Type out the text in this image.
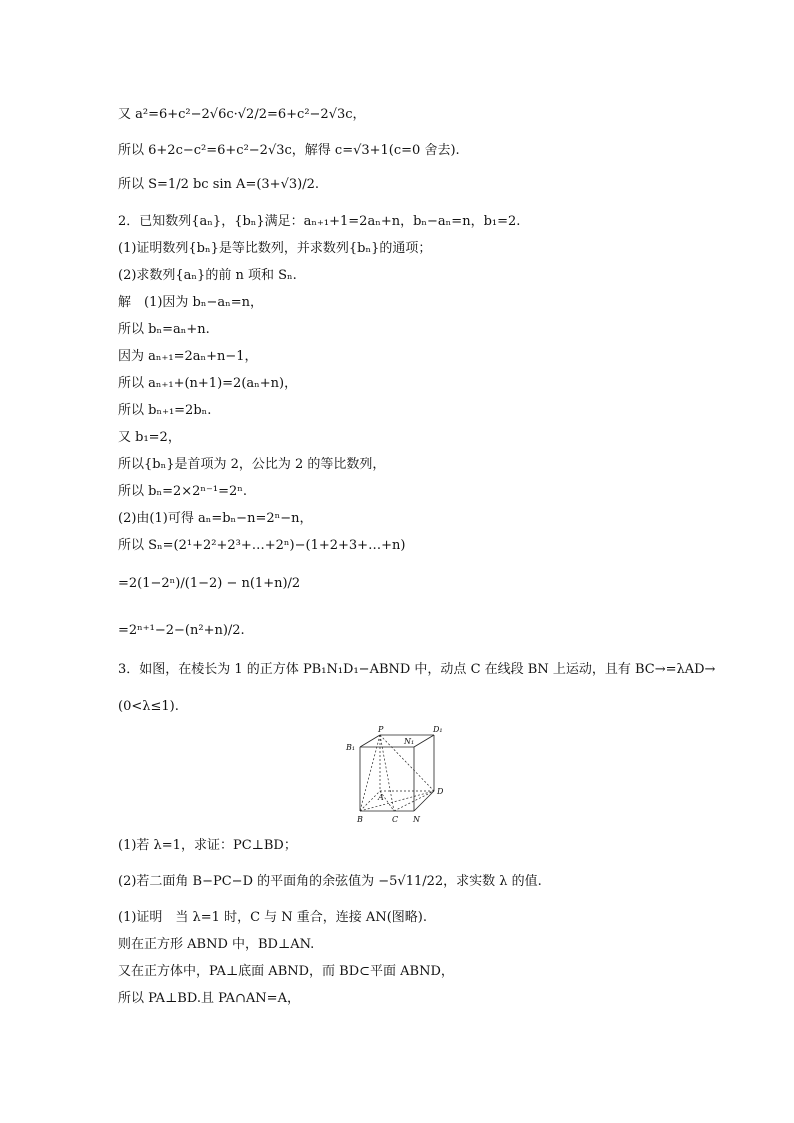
又 a²=6+c²−2√6c·√2/2=6+c²−2√3c，
所以 6+2c−c²=6+c²−2√3c，解得 c=√3+1(c=0 舍去).
所以 S=1/2 bc sin A=(3+√3)/2.
2．已知数列{aₙ}，{bₙ}满足：aₙ₊₁+1=2aₙ+n，bₙ−aₙ=n，b₁=2.
(1)证明数列{bₙ}是等比数列，并求数列{bₙ}的通项；
(2)求数列{aₙ}的前 n 项和 Sₙ.
解　(1)因为 bₙ−aₙ=n，
所以 bₙ=aₙ+n.
因为 aₙ₊₁=2aₙ+n−1，
所以 aₙ₊₁+(n+1)=2(aₙ+n)，
所以 bₙ₊₁=2bₙ.
又 b₁=2，
所以{bₙ}是首项为 2，公比为 2 的等比数列，
所以 bₙ=2×2ⁿ⁻¹=2ⁿ.
(2)由(1)可得 aₙ=bₙ−n=2ⁿ−n，
所以 Sₙ=(2¹+2²+2³+…+2ⁿ)−(1+2+3+…+n)
=2(1−2ⁿ)/(1−2) − n(1+n)/2
=2ⁿ⁺¹−2−(n²+n)/2.
3．如图，在棱长为 1 的正方体 PB₁N₁D₁−ABND 中，动点 C 在线段 BN 上运动，且有 BC→=λAD→
(0<λ≤1).
(1)若 λ=1，求证：PC⊥BD；
(2)若二面角 B−PC−D 的平面角的余弦值为 −5√11/22，求实数 λ 的值.
(1)证明　当 λ=1 时，C 与 N 重合，连接 AN(图略).
则在正方形 ABND 中，BD⊥AN.
又在正方体中，PA⊥底面 ABND，而 BD⊂平面 ABND，
所以 PA⊥BD.且 PA∩AN=A，
P	D₁
B₁
N₁
A
D
B	C N
